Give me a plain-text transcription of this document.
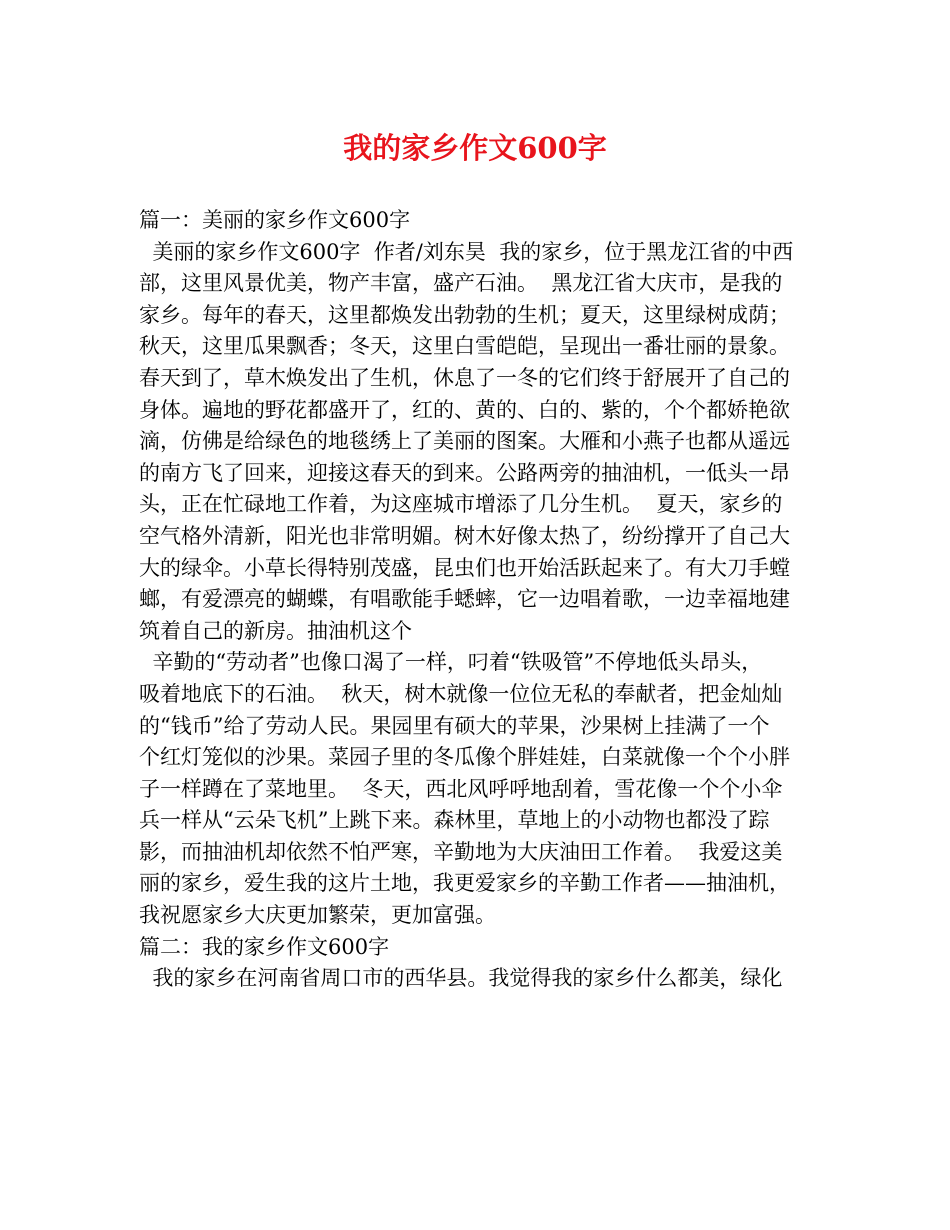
我的家乡作文600字
篇一：美丽的家乡作文600字
美丽的家乡作文600字  作者/刘东昊  我的家乡，位于黑龙江省的中西
部，这里风景优美，物产丰富，盛产石油。  黑龙江省大庆市，是我的
家乡。每年的春天，这里都焕发出勃勃的生机；夏天，这里绿树成荫；
秋天，这里瓜果飘香；冬天，这里白雪皑皑，呈现出一番壮丽的景象。
春天到了，草木焕发出了生机，休息了一冬的它们终于舒展开了自己的
身体。遍地的野花都盛开了，红的、黄的、白的、紫的，个个都娇艳欲
滴，仿佛是给绿色的地毯绣上了美丽的图案。大雁和小燕子也都从遥远
的南方飞了回来，迎接这春天的到来。公路两旁的抽油机，一低头一昂
头，正在忙碌地工作着，为这座城市增添了几分生机。  夏天，家乡的
空气格外清新，阳光也非常明媚。树木好像太热了，纷纷撑开了自己大
大的绿伞。小草长得特别茂盛，昆虫们也开始活跃起来了。有大刀手螳
螂，有爱漂亮的蝴蝶，有唱歌能手蟋蟀，它一边唱着歌，一边幸福地建
筑着自己的新房。抽油机这个
辛勤的“劳动者”也像口渴了一样，叼着“铁吸管”不停地低头昂头，
吸着地底下的石油。  秋天，树木就像一位位无私的奉献者，把金灿灿
的“钱币”给了劳动人民。果园里有硕大的苹果，沙果树上挂满了一个
个红灯笼似的沙果。菜园子里的冬瓜像个胖娃娃，白菜就像一个个小胖
子一样蹲在了菜地里。  冬天，西北风呼呼地刮着，雪花像一个个小伞
兵一样从“云朵飞机”上跳下来。森林里，草地上的小动物也都没了踪
影，而抽油机却依然不怕严寒，辛勤地为大庆油田工作着。  我爱这美
丽的家乡，爱生我的这片土地，我更爱家乡的辛勤工作者——抽油机，
我祝愿家乡大庆更加繁荣，更加富强。
篇二：我的家乡作文600字
我的家乡在河南省周口市的西华县。我觉得我的家乡什么都美，绿化
